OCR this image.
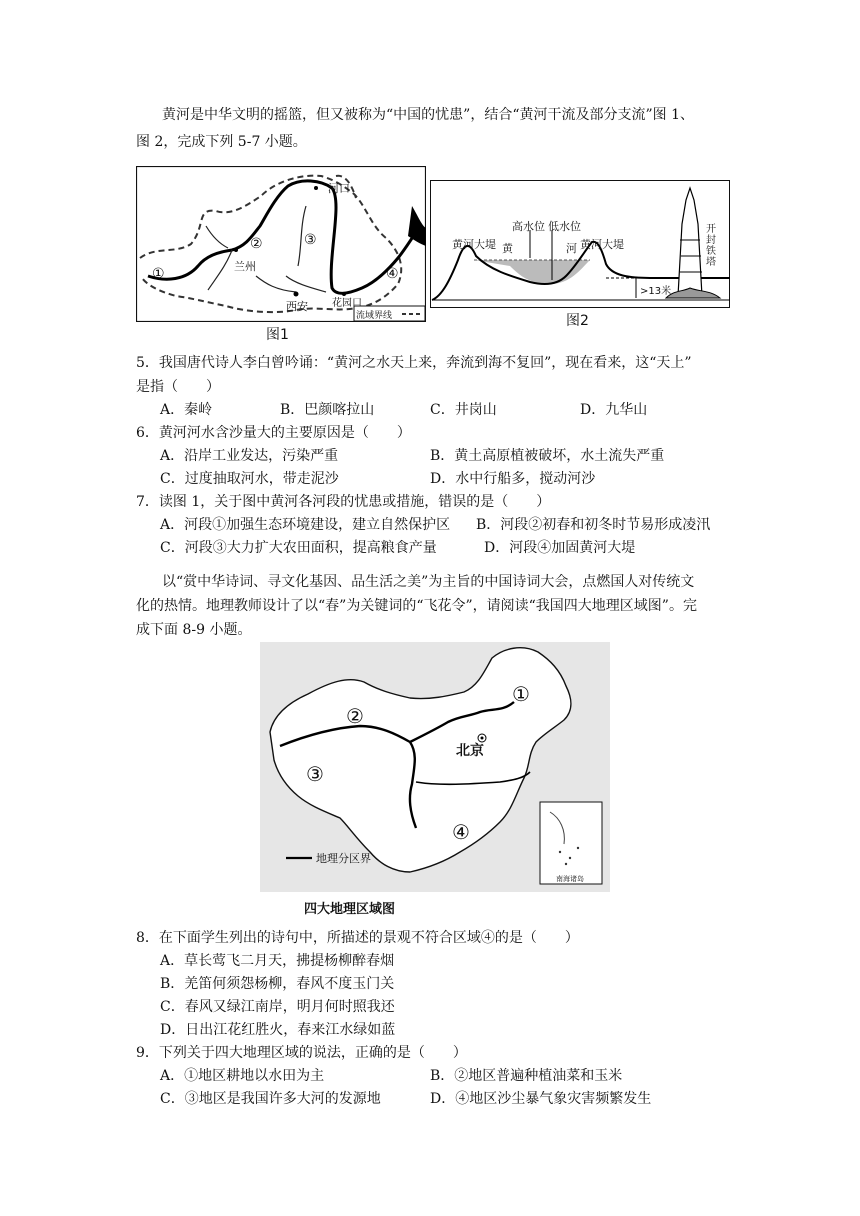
黄河是中华文明的摇篮，但又被称为“中国的忧患”，结合“黄河干流及部分支流”图 1、
图 2，完成下列 5-7 小题。
河口
兰州
西安 花园口
①
②	③
④
流域界线
图1
黄河大堤	黄河大堤
高水位 低水位
黄	河
开封铁塔
>13米
图2
5．我国唐代诗人李白曾吟诵：“黄河之水天上来，奔流到海不复回”，现在看来，这“天上”
是指（　　）
A．秦岭	B．巴颜喀拉山	C．井岗山	D．九华山
6．黄河河水含沙量大的主要原因是（　　）
A．沿岸工业发达，污染严重	B．黄土高原植被破坏，水土流失严重
C．过度抽取河水，带走泥沙	D．水中行船多，搅动河沙
7．读图 1，关于图中黄河各河段的忧患或措施，错误的是（　　）
A．河段①加强生态环境建设，建立自然保护区 B．河段②初春和初冬时节易形成凌汛
C．河段③大力扩大农田面积，提高粮食产量	D．河段④加固黄河大堤
以“赏中华诗词、寻文化基因、品生活之美”为主旨的中国诗词大会，点燃国人对传统文
化的热情。地理教师设计了以“春”为关键词的“飞花令”，请阅读“我国四大地理区域图”。完
成下面 8-9 小题。
①
②
③
④
北京
地理分区界
南海诸岛
四大地理区域图
8．在下面学生列出的诗句中，所描述的景观不符合区域④的是（　　）
A．草长莺飞二月天，拂提杨柳醉春烟
B．羌笛何须怨杨柳，春风不度玉门关
C．春风又绿江南岸，明月何时照我还
D．日出江花红胜火，春来江水绿如蓝
9．下列关于四大地理区域的说法，正确的是（　　）
A．①地区耕地以水田为主	B．②地区普遍种植油菜和玉米
C．③地区是我国许多大河的发源地	D．④地区沙尘暴气象灾害频繁发生
